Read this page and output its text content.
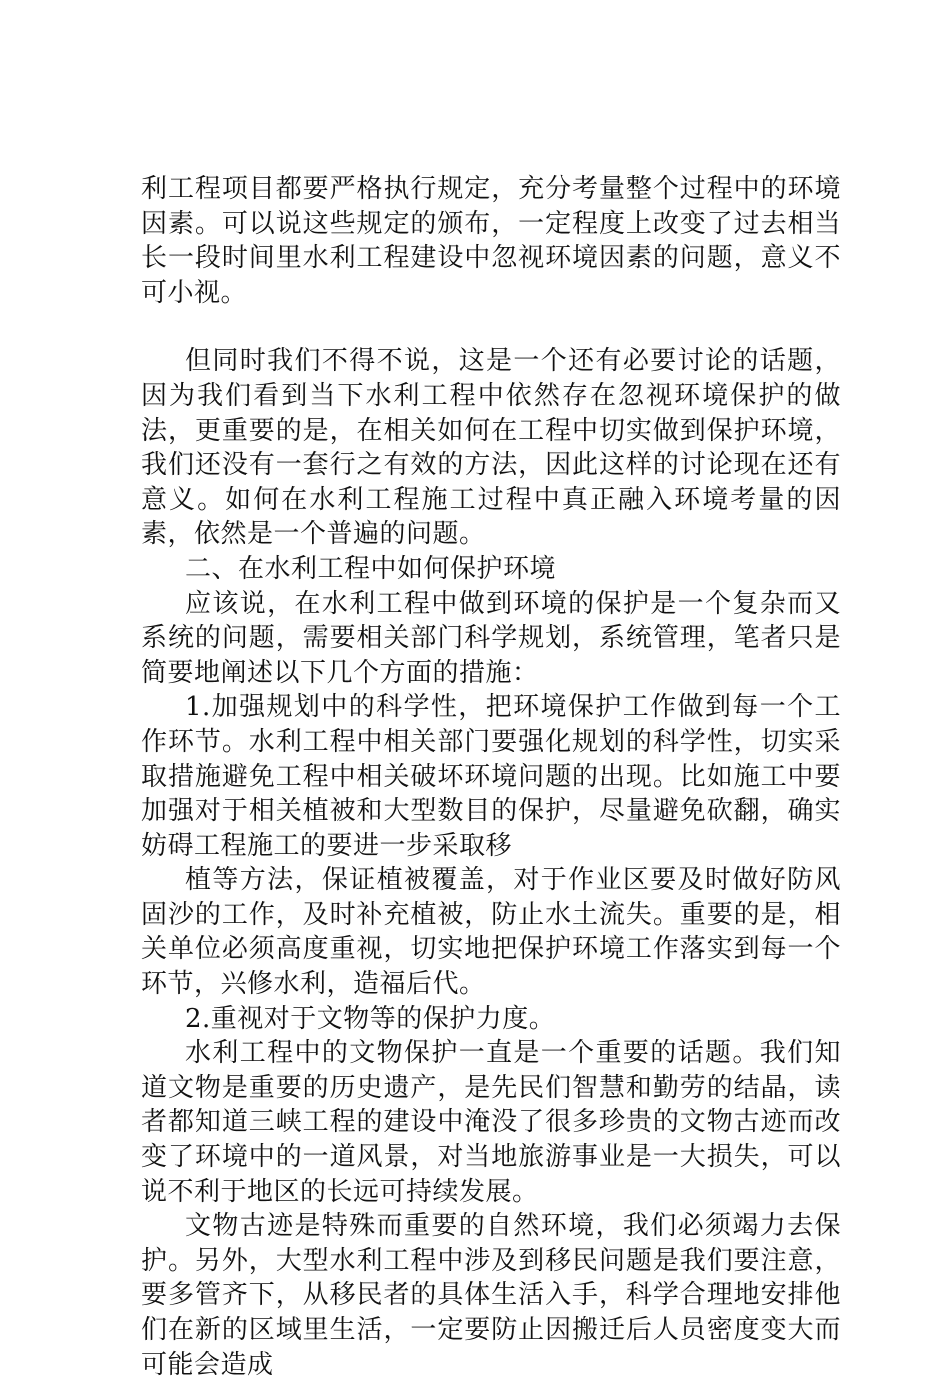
利工程项目都要严格执行规定，充分考量整个过程中的环境因素。可以说这些规定的颁布，一定程度上改变了过去相当长一段时间里水利工程建设中忽视环境因素的问题，意义不可小视。

但同时我们不得不说，这是一个还有必要讨论的话题，因为我们看到当下水利工程中依然存在忽视环境保护的做法，更重要的是，在相关如何在工程中切实做到保护环境，我们还没有一套行之有效的方法，因此这样的讨论现在还有意义。如何在水利工程施工过程中真正融入环境考量的因素，依然是一个普遍的问题。

二、在水利工程中如何保护环境

应该说，在水利工程中做到环境的保护是一个复杂而又系统的问题，需要相关部门科学规划，系统管理，笔者只是简要地阐述以下几个方面的措施：

1.加强规划中的科学性，把环境保护工作做到每一个工作环节。水利工程中相关部门要强化规划的科学性，切实采取措施避免工程中相关破坏环境问题的出现。比如施工中要加强对于相关植被和大型数目的保护，尽量避免砍翻，确实妨碍工程施工的要进一步采取移

植等方法，保证植被覆盖，对于作业区要及时做好防风固沙的工作，及时补充植被，防止水土流失。重要的是，相关单位必须高度重视，切实地把保护环境工作落实到每一个环节，兴修水利，造福后代。

2.重视对于文物等的保护力度。

水利工程中的文物保护一直是一个重要的话题。我们知道文物是重要的历史遗产，是先民们智慧和勤劳的结晶，读者都知道三峡工程的建设中淹没了很多珍贵的文物古迹而改变了环境中的一道风景，对当地旅游事业是一大损失，可以说不利于地区的长远可持续发展。

文物古迹是特殊而重要的自然环境，我们必须竭力去保护。另外，大型水利工程中涉及到移民问题是我们要注意，要多管齐下，从移民者的具体生活入手，科学合理地安排他们在新的区域里生活，一定要防止因搬迁后人员密度变大而可能会造成
